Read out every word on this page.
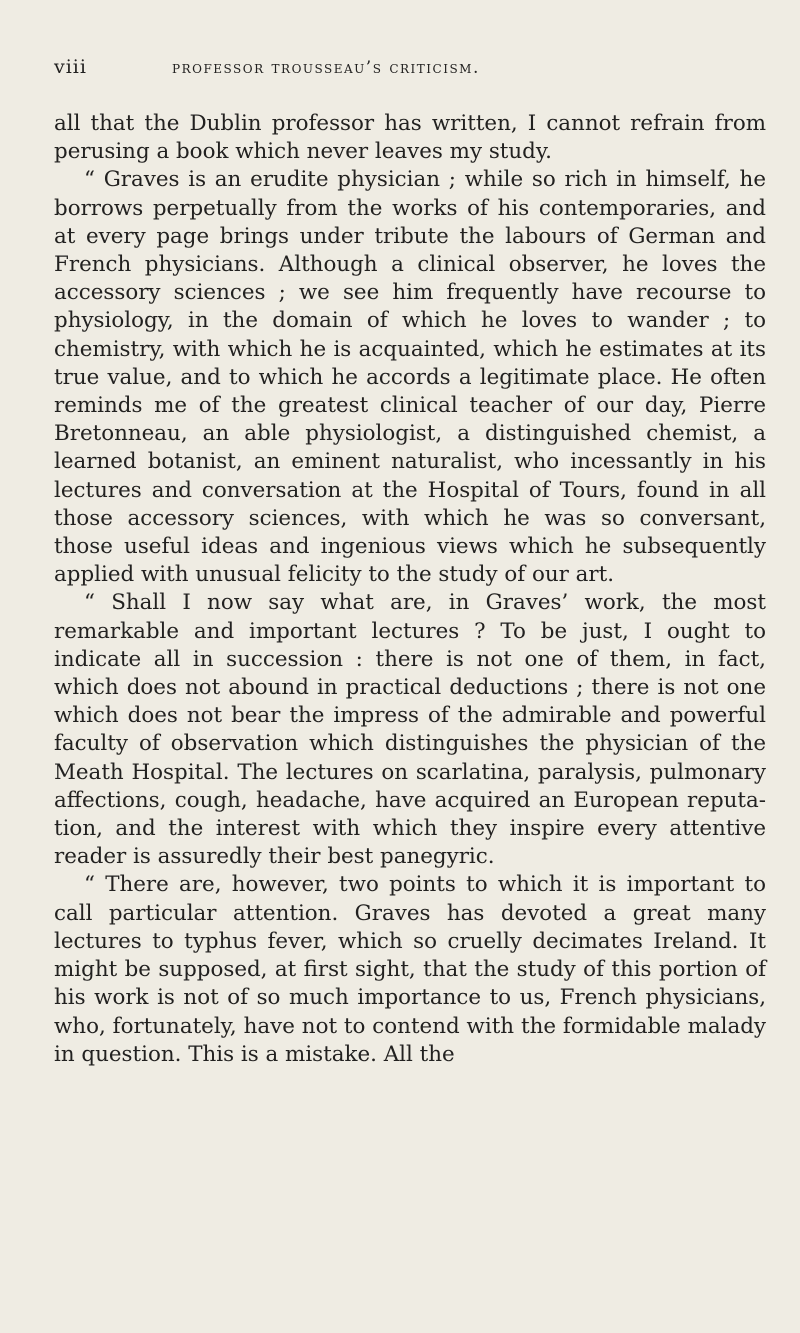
viii	professor trousseau’s criticism.

all that the Dublin professor has written, I cannot refrain from perusing a book which never leaves my study.

“ Graves is an erudite physician ; while so rich in himself, he borrows perpetually from the works of his contemporaries, and at every page brings under tribute the labours of German and French physicians. Although a clinical observer, he loves the accessory sciences ; we see him frequently have recourse to physiology, in the domain of which he loves to wander ; to chemistry, with which he is acquainted, which he estimates at its true value, and to which he accords a legitimate place. He often reminds me of the greatest clinical teacher of our day, Pierre Bretonneau, an able physiologist, a distinguished chemist, a learned botanist, an eminent naturalist, who incessantly in his lectures and conversation at the Hospital of Tours, found in all those accessory sciences, with which he was so conversant, those useful ideas and ingenious views which he subsequently applied with unusual felicity to the study of our art.

“ Shall I now say what are, in Graves’ work, the most remarkable and important lectures ? To be just, I ought to indicate all in succession : there is not one of them, in fact, which does not abound in practical deductions ; there is not one which does not bear the impress of the admirable and powerful faculty of observation which distinguishes the physician of the Meath Hospital. The lectures on scarlatina, paralysis, pulmonary affections, cough, headache, have acquired an European reputation, and the interest with which they inspire every attentive reader is assuredly their best panegyric.

“ There are, however, two points to which it is important to call particular attention. Graves has devoted a great many lectures to typhus fever, which so cruelly decimates Ireland. It might be supposed, at first sight, that the study of this portion of his work is not of so much importance to us, French physicians, who, fortunately, have not to contend with the formidable malady in question. This is a mistake. All the
